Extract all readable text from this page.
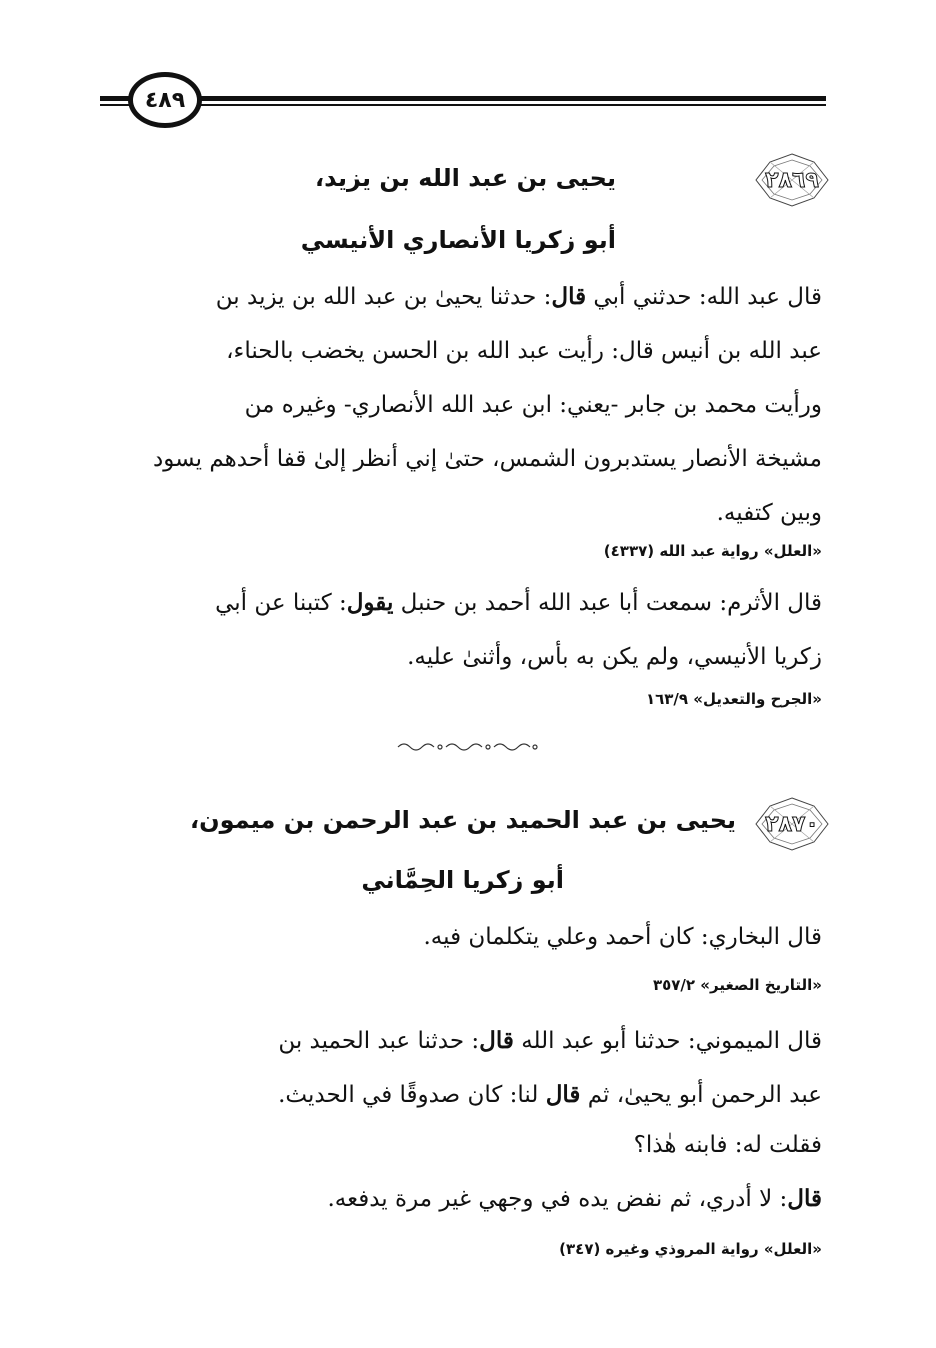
٤٨٩
٢٨٦٩
يحيى بن عبد الله بن يزيد،
أبو زكريا الأنصاري الأنيسي
قال عبد الله: حدثني أبي قال: حدثنا يحيىٰ بن عبد الله بن يزيد بن
عبد الله بن أنيس قال: رأيت عبد الله بن الحسن يخضب بالحناء،
ورأيت محمد بن جابر -يعني: ابن عبد الله الأنصاري- وغيره من
مشيخة الأنصار يستدبرون الشمس، حتىٰ إني أنظر إلىٰ قفا أحدهم يسود
وبين كتفيه.
«العلل» رواية عبد الله (٤٣٣٧)
قال الأثرم: سمعت أبا عبد الله أحمد بن حنبل يقول: كتبنا عن أبي
زكريا الأنيسي، ولم يكن به بأس، وأثنىٰ عليه.
«الجرح والتعديل» ١٦٣/٩
٢٨٧٠
يحيى بن عبد الحميد بن عبد الرحمن بن ميمون،
أبو زكريا الحِمَّاني
قال البخاري: كان أحمد وعلي يتكلمان فيه.
«التاريخ الصغير» ٣٥٧/٢
قال الميموني: حدثنا أبو عبد الله قال: حدثنا عبد الحميد بن
عبد الرحمن أبو يحيىٰ، ثم قال لنا: كان صدوقًا في الحديث.
فقلت له: فابنه هٰذا؟
قال: لا أدري، ثم نفض يده في وجهي غير مرة يدفعه.
«العلل» رواية المروذي وغيره (٣٤٧)
